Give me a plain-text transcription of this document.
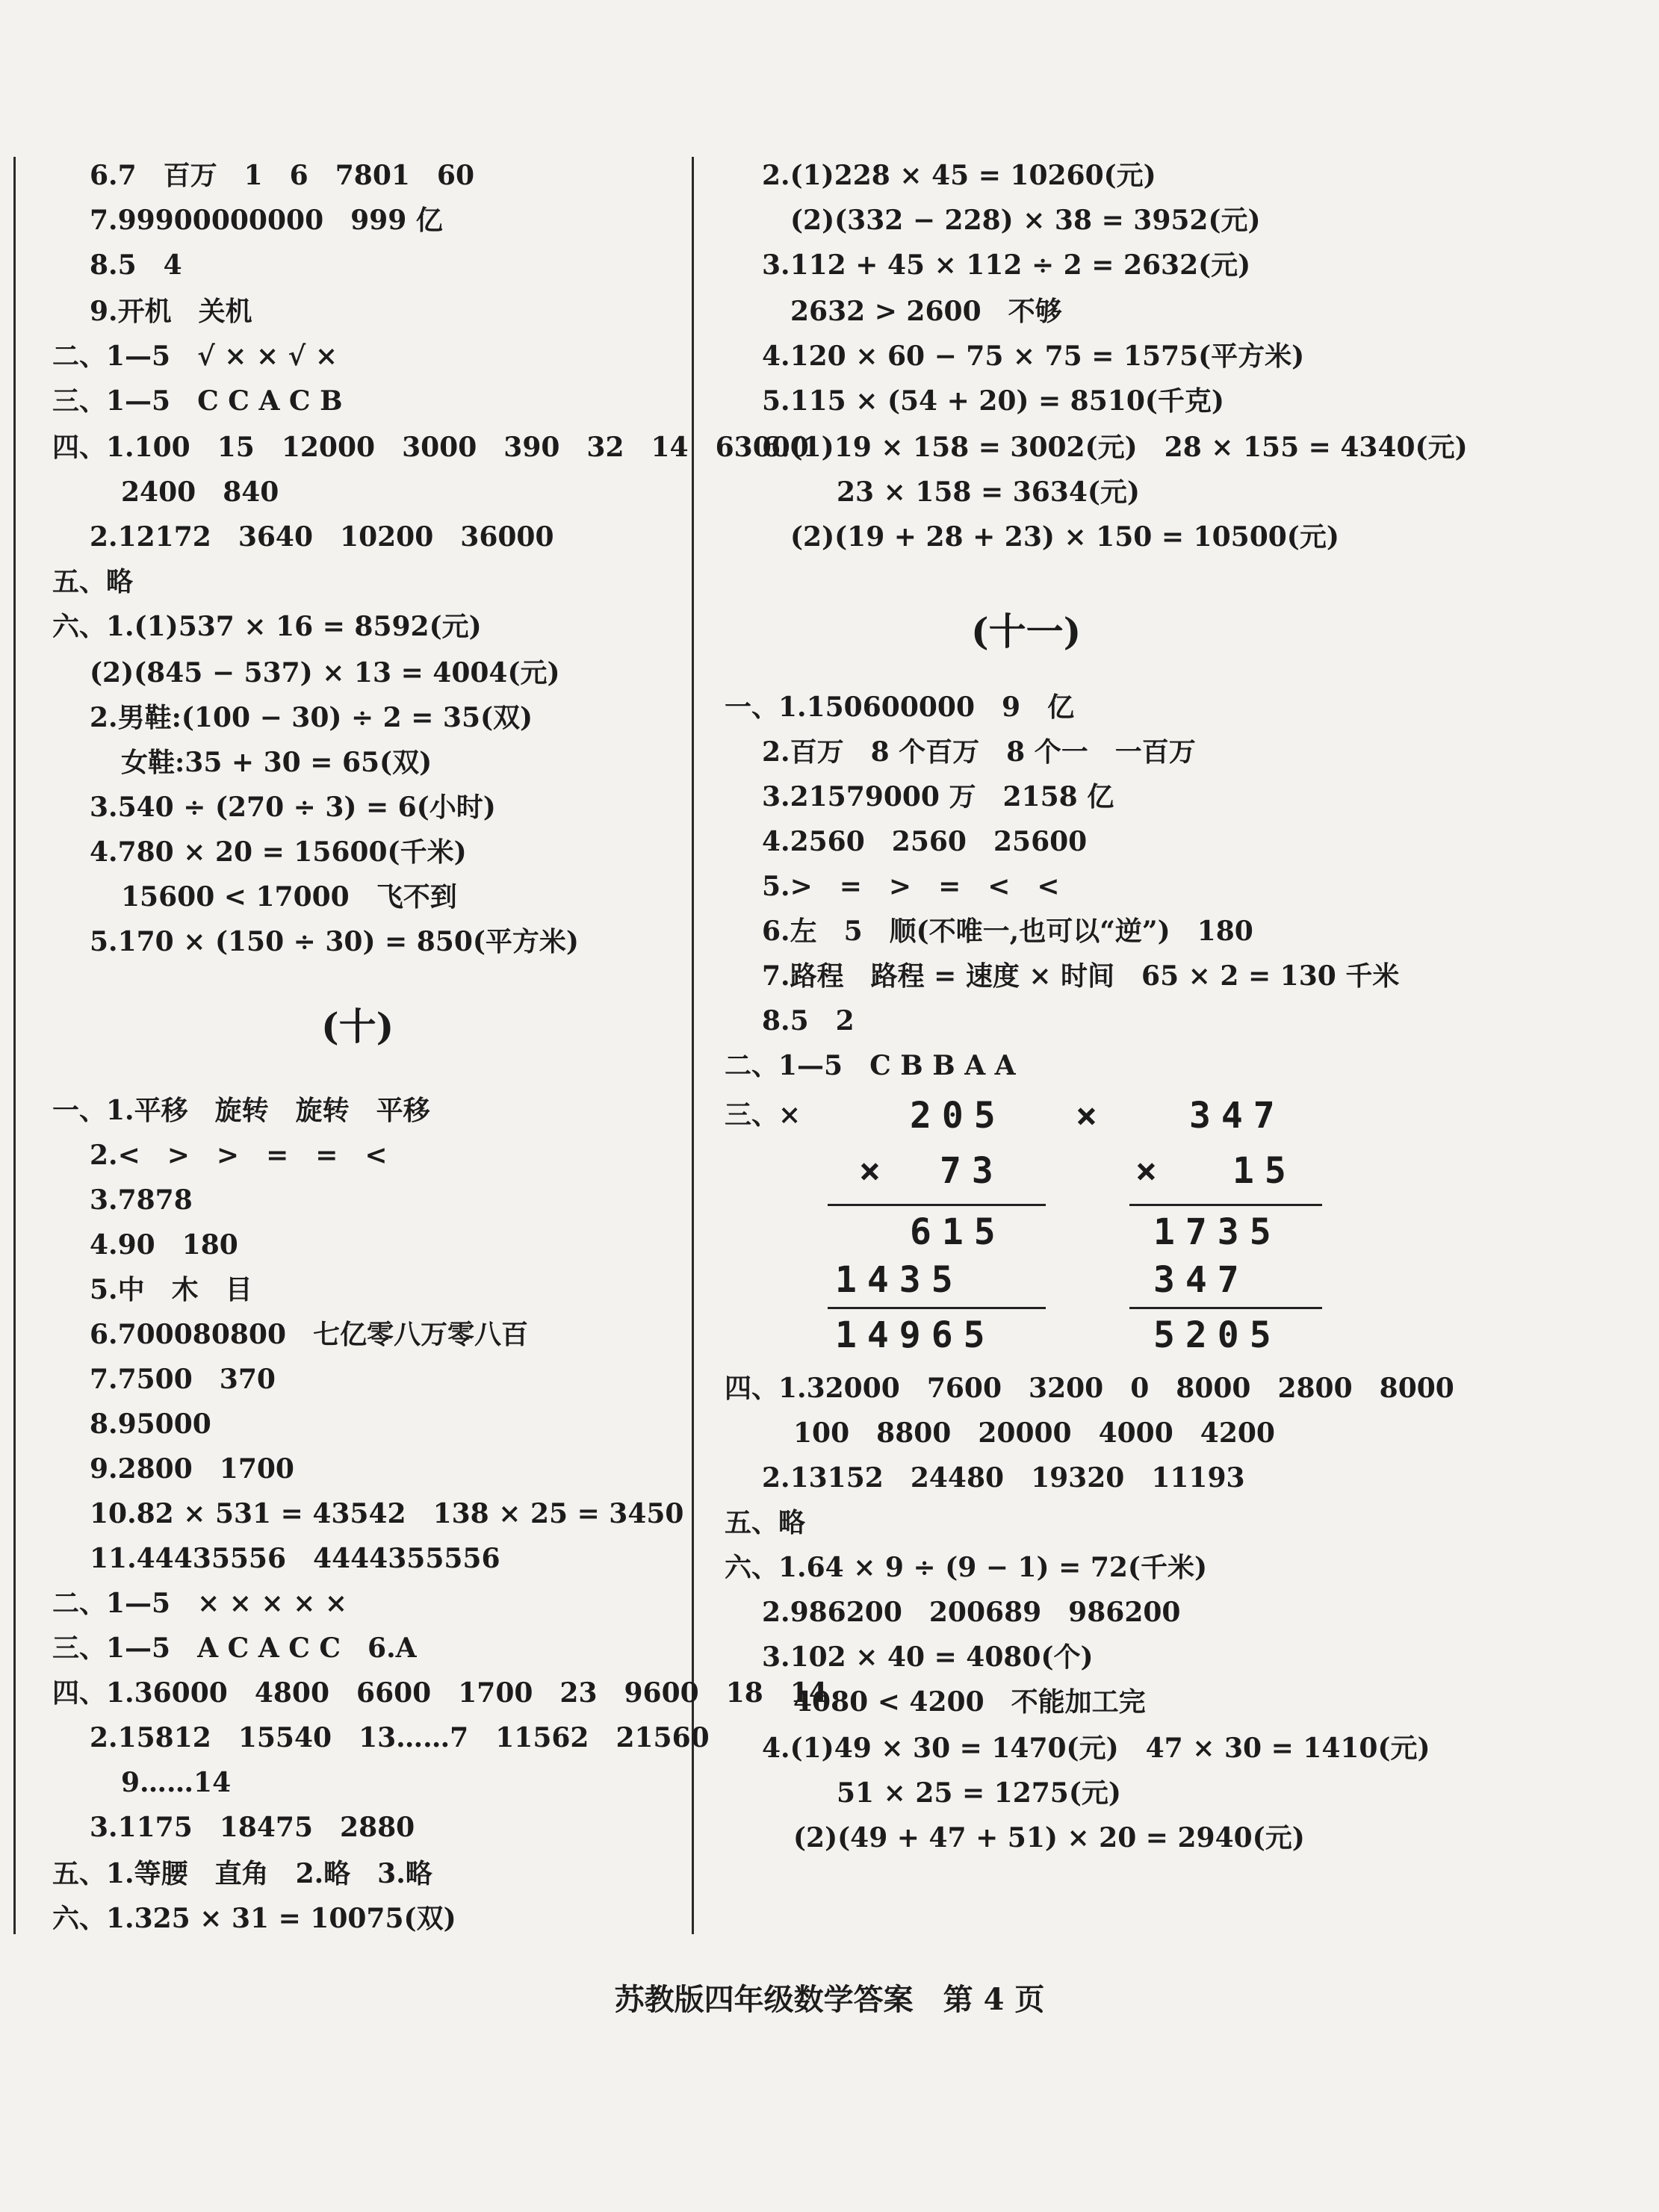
6.7　百万　1　6　7801　60
7.99900000000　999 亿
8.5　4
9.开机　关机
二、1—5　√ × × √ ×
三、1—5　C C A C B
四、1.100　15　12000　3000　390　32　14　63000
2400　840
2.12172　3640　10200　36000
五、略
六、1.(1)537 × 16 = 8592(元)
(2)(845 − 537) × 13 = 4004(元)
2.男鞋:(100 − 30) ÷ 2 = 35(双)
女鞋:35 + 30 = 65(双)
3.540 ÷ (270 ÷ 3) = 6(小时)
4.780 × 20 = 15600(千米)
15600 < 17000　飞不到
5.170 × (150 ÷ 30) = 850(平方米)
(十)
一、1.平移　旋转　旋转　平移
2.<　>　>　=　=　<
3.7878
4.90　180
5.中　木　目
6.700080800　七亿零八万零八百
7.7500　370
8.95000
9.2800　1700
10.82 × 531 = 43542　138 × 25 = 3450
11.44435556　4444355556
二、1—5　× × × × ×
三、1—5　A C A C C　6.A
四、1.36000　4800　6600　1700　23　9600　18　14
2.15812　15540　13……7　11562　21560
9……14
3.1175　18475　2880
五、1.等腰　直角　2.略　3.略
六、1.325 × 31 = 10075(双)
2.(1)228 × 45 = 10260(元)
(2)(332 − 228) × 38 = 3952(元)
3.112 + 45 × 112 ÷ 2 = 2632(元)
2632 > 2600　不够
4.120 × 60 − 75 × 75 = 1575(平方米)
5.115 × (54 + 20) = 8510(千克)
6.(1)19 × 158 = 3002(元)　28 × 155 = 4340(元)
23 × 158 = 3634(元)
(2)(19 + 28 + 23) × 150 = 10500(元)
(十一)
一、1.150600000　9　亿
2.百万　8 个百万　8 个一　一百万
3.21579000 万　2158 亿
4.2560　2560　25600
5.>　=　>　=　<　<
6.左　5　顺(不唯一,也可以“逆”)　180
7.路程　路程 = 速度 × 时间　65 × 2 = 130 千米
8.5　2
二、1—5　C B B A A
三、×	205
× 73
615
1435
14965
× 347
× 15
1735
347
5205
四、1.32000　7600　3200　0　8000　2800　8000
100　8800　20000　4000　4200
2.13152　24480　19320　11193
五、略
六、1.64 × 9 ÷ (9 − 1) = 72(千米)
2.986200　200689　986200
3.102 × 40 = 4080(个)
4080 < 4200　不能加工完
4.(1)49 × 30 = 1470(元)　47 × 30 = 1410(元)
51 × 25 = 1275(元)
(2)(49 + 47 + 51) × 20 = 2940(元)
苏教版四年级数学答案　第 4 页
